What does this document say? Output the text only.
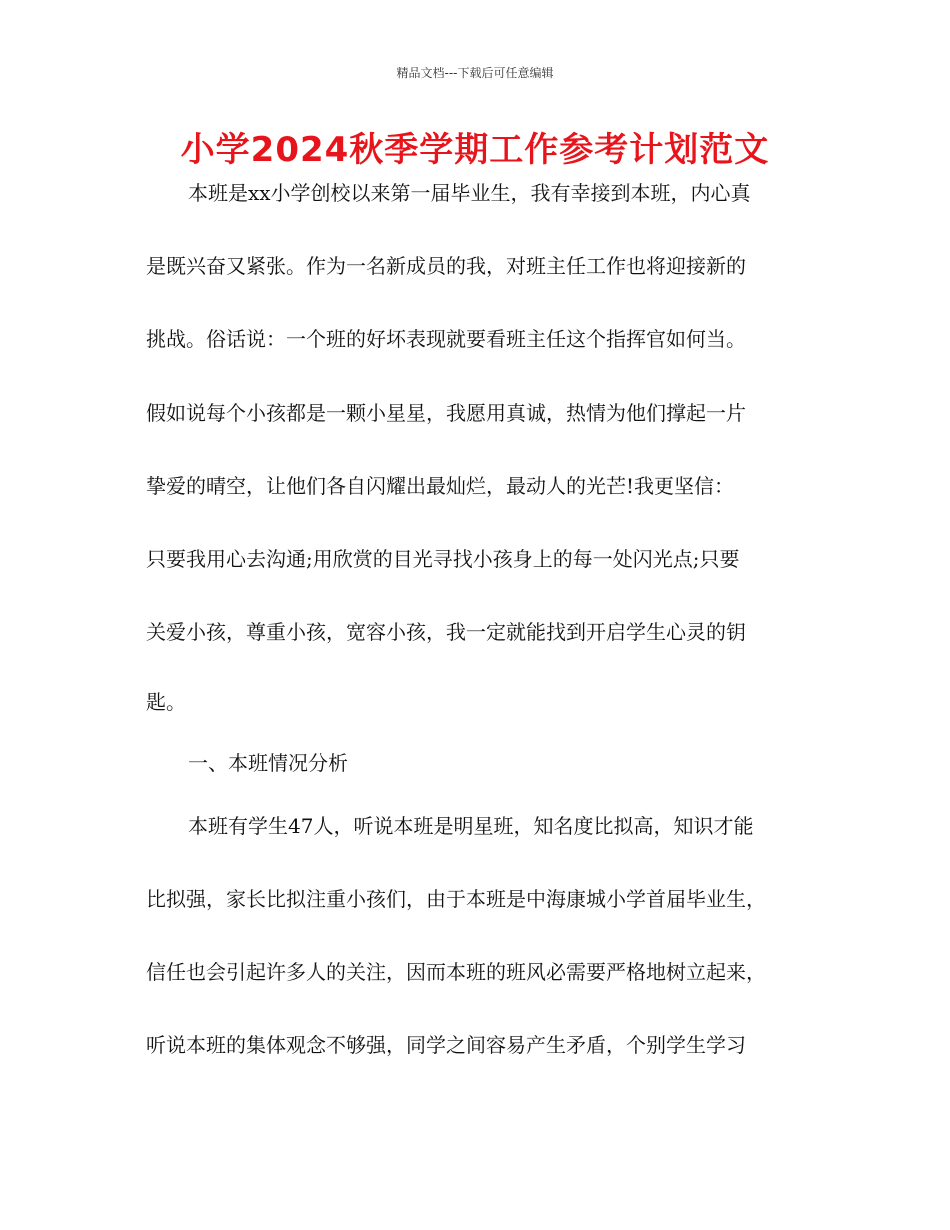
精品文档---下载后可任意编辑
小学2024秋季学期工作参考计划范文
本班是xx小学创校以来第一届毕业生，我有幸接到本班，内心真
是既兴奋又紧张。作为一名新成员的我，对班主任工作也将迎接新的
挑战。俗话说：一个班的好坏表现就要看班主任这个指挥官如何当。
假如说每个小孩都是一颗小星星，我愿用真诚，热情为他们撑起一片
挚爱的晴空，让他们各自闪耀出最灿烂，最动人的光芒!我更坚信：
只要我用心去沟通;用欣赏的目光寻找小孩身上的每一处闪光点;只要
关爱小孩，尊重小孩，宽容小孩，我一定就能找到开启学生心灵的钥
匙。
一、本班情况分析
本班有学生47人，听说本班是明星班，知名度比拟高，知识才能
比拟强，家长比拟注重小孩们，由于本班是中海康城小学首届毕业生，
信任也会引起许多人的关注，因而本班的班风必需要严格地树立起来，
听说本班的集体观念不够强，同学之间容易产生矛盾，个别学生学习
